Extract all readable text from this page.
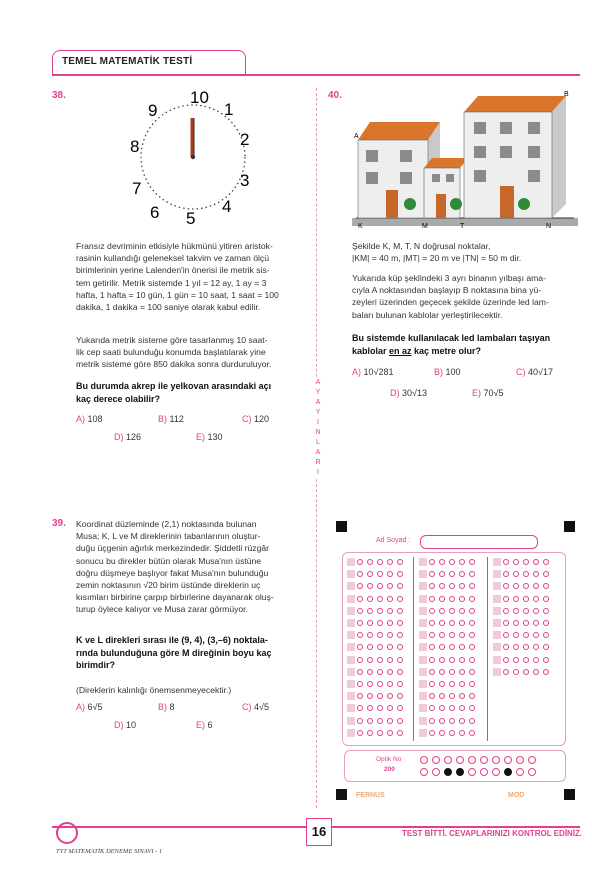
TEMEL MATEMATİK TESTİ
38.	10
1
2
3
4
5
6
7
8
9
Fransız devriminin etkisiyle hükmünü yitiren aristok-
rasinin kullandığı geleneksel takvim ve zaman ölçü
birimlerinin yerine Lalenden'in önerisi ile metrik sis-
tem getirilir. Metrik sistemde 1 yıl = 12 ay, 1 ay = 3
hafta, 1 hafta = 10 gün, 1 gün = 10 saat, 1 saat = 100
dakika, 1 dakika = 100 saniye olarak kabul edilir.
Yukarıda metrik sisteme göre tasarlanmış 10 saat-
lik cep saati bulunduğu konumda başlatılarak yine
metrik sisteme göre 850 dakika sonra durduruluyor.
Bu durumda akrep ile yelkovan arasındaki açı
kaç derece olabilir?
A) 108	B) 112	C) 120
D) 126	E) 130
39. Koordinat düzleminde (2,1) noktasında bulunan
Musa; K, L ve M direklerinin tabanlarının oluştur-
duğu üçgenin ağırlık merkezindedir. Şiddetli rüzgâr
sonucu bu direkler bütün olarak Musa'nın üstüne
doğru düşmeye başlıyor fakat Musa'nın bulunduğu
zemin noktasının √20 birim üstünde direklerin uç
kısımları birbirine çarpıp birbirlerine dayanarak oluş-
turup öylece kalıyor ve Musa zarar görmüyor.
K ve L direkleri sırası ile (9, 4), (3,–6) noktala-
rında bulunduğuna göre M direğinin boyu kaç
birimdir?
(Direklerin kalınlığı önemsenmeyecektir.)
A) 6√5	B) 8	C) 4√5
D) 10	E) 6
A
Y
A
Y
I
N
L
A
R
I
40.
A
B
K	M	T	N
Şekilde K, M, T, N doğrusal noktalar,
|KM| = 40 m, |MT| = 20 m ve |TN| = 50 m dir.
Yukarıda küp şeklindeki 3 ayrı binanın yılbaşı ama-
cıyla A noktasından başlayıp B noktasına bina yü-
zeyleri üzerinden geçecek şekilde üzerinde led lam-
baları bulunan kablolar yerleştirilecektir.
Bu sistemde kullanılacak led lambaları taşıyan
kablolar en az kaç metre olur?
A) 10√281	B) 100	C) 40√17
D) 30√13	E) 70√5
Ad Soyad :
Optik No
200
FERNUS	MOD
16	TEST BİTTİ. CEVAPLARINIZI KONTROL EDİNİZ.
TYT MATEMATİK DENEME SINAVI - 1
